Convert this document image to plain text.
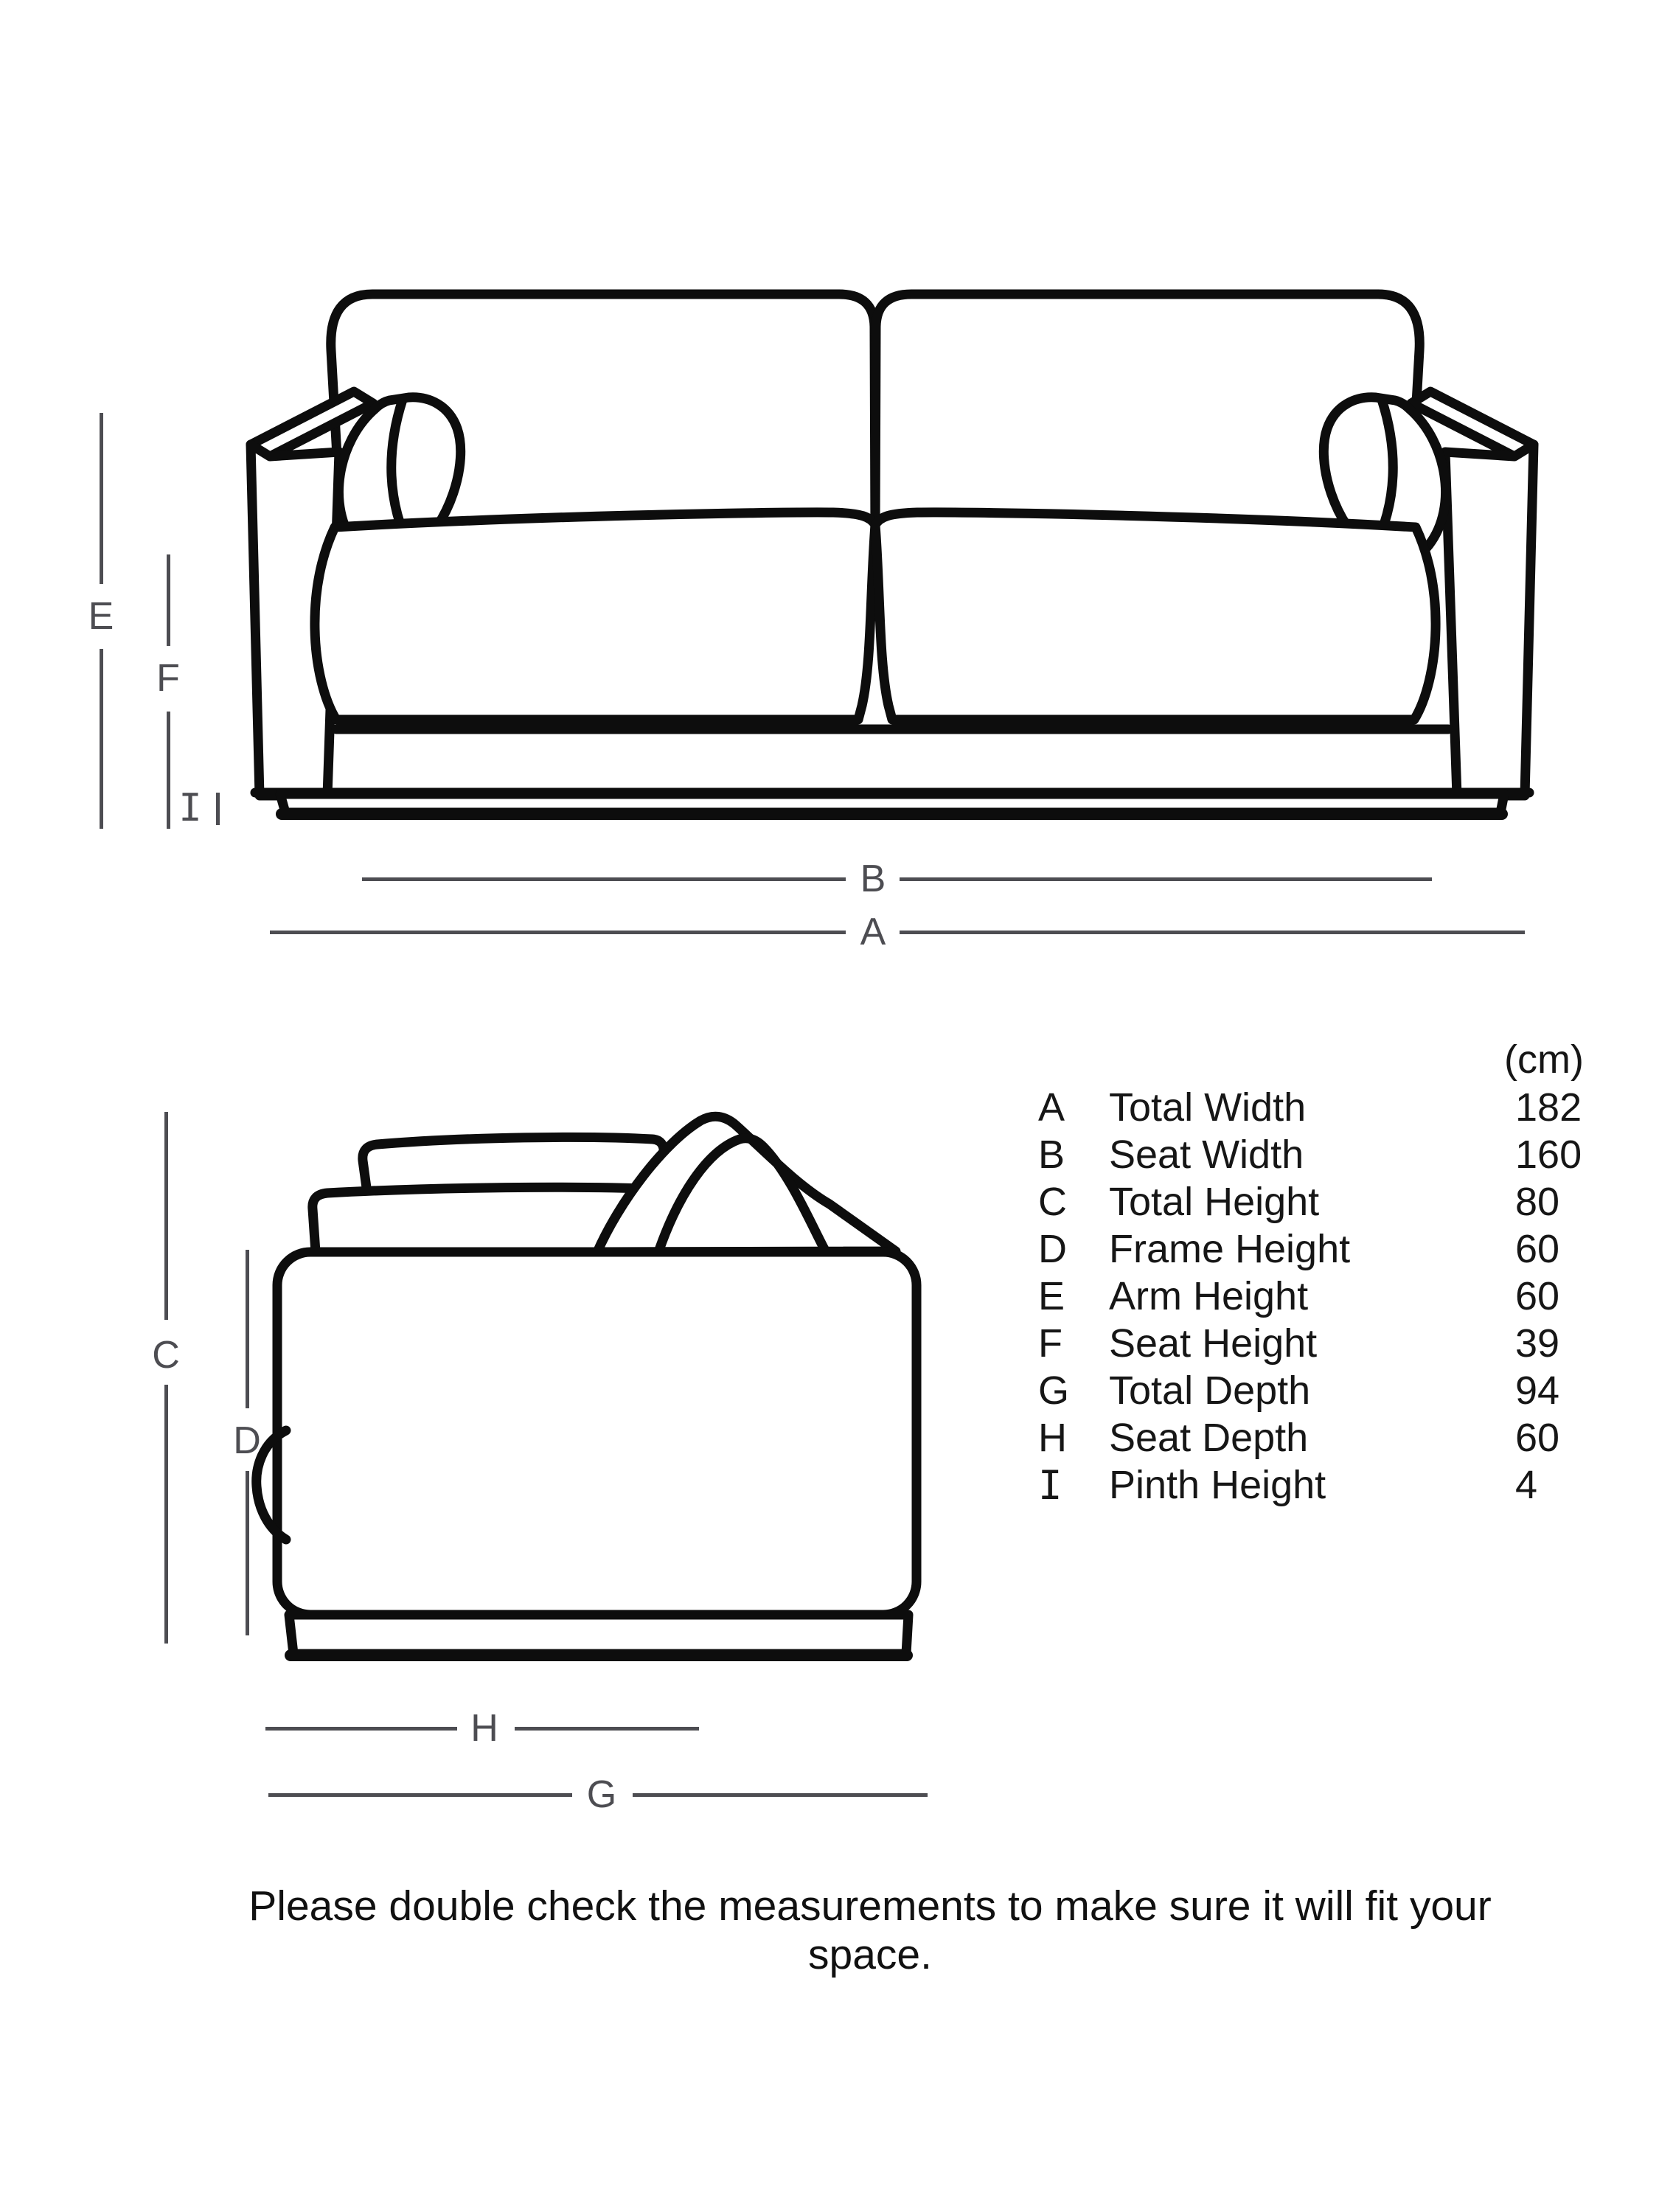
E
F
I
B
A
C
D
H
G
(cm)
A	Total Width	182
B	Seat Width	160
C	Total Height	80
D	Frame Height	60
E	Arm Height	60
F	Seat Height	39
G Total Depth	94
H	Seat Depth	60
I	Pinth Height	4
Please double check the measurements to make sure it will fit your space.
